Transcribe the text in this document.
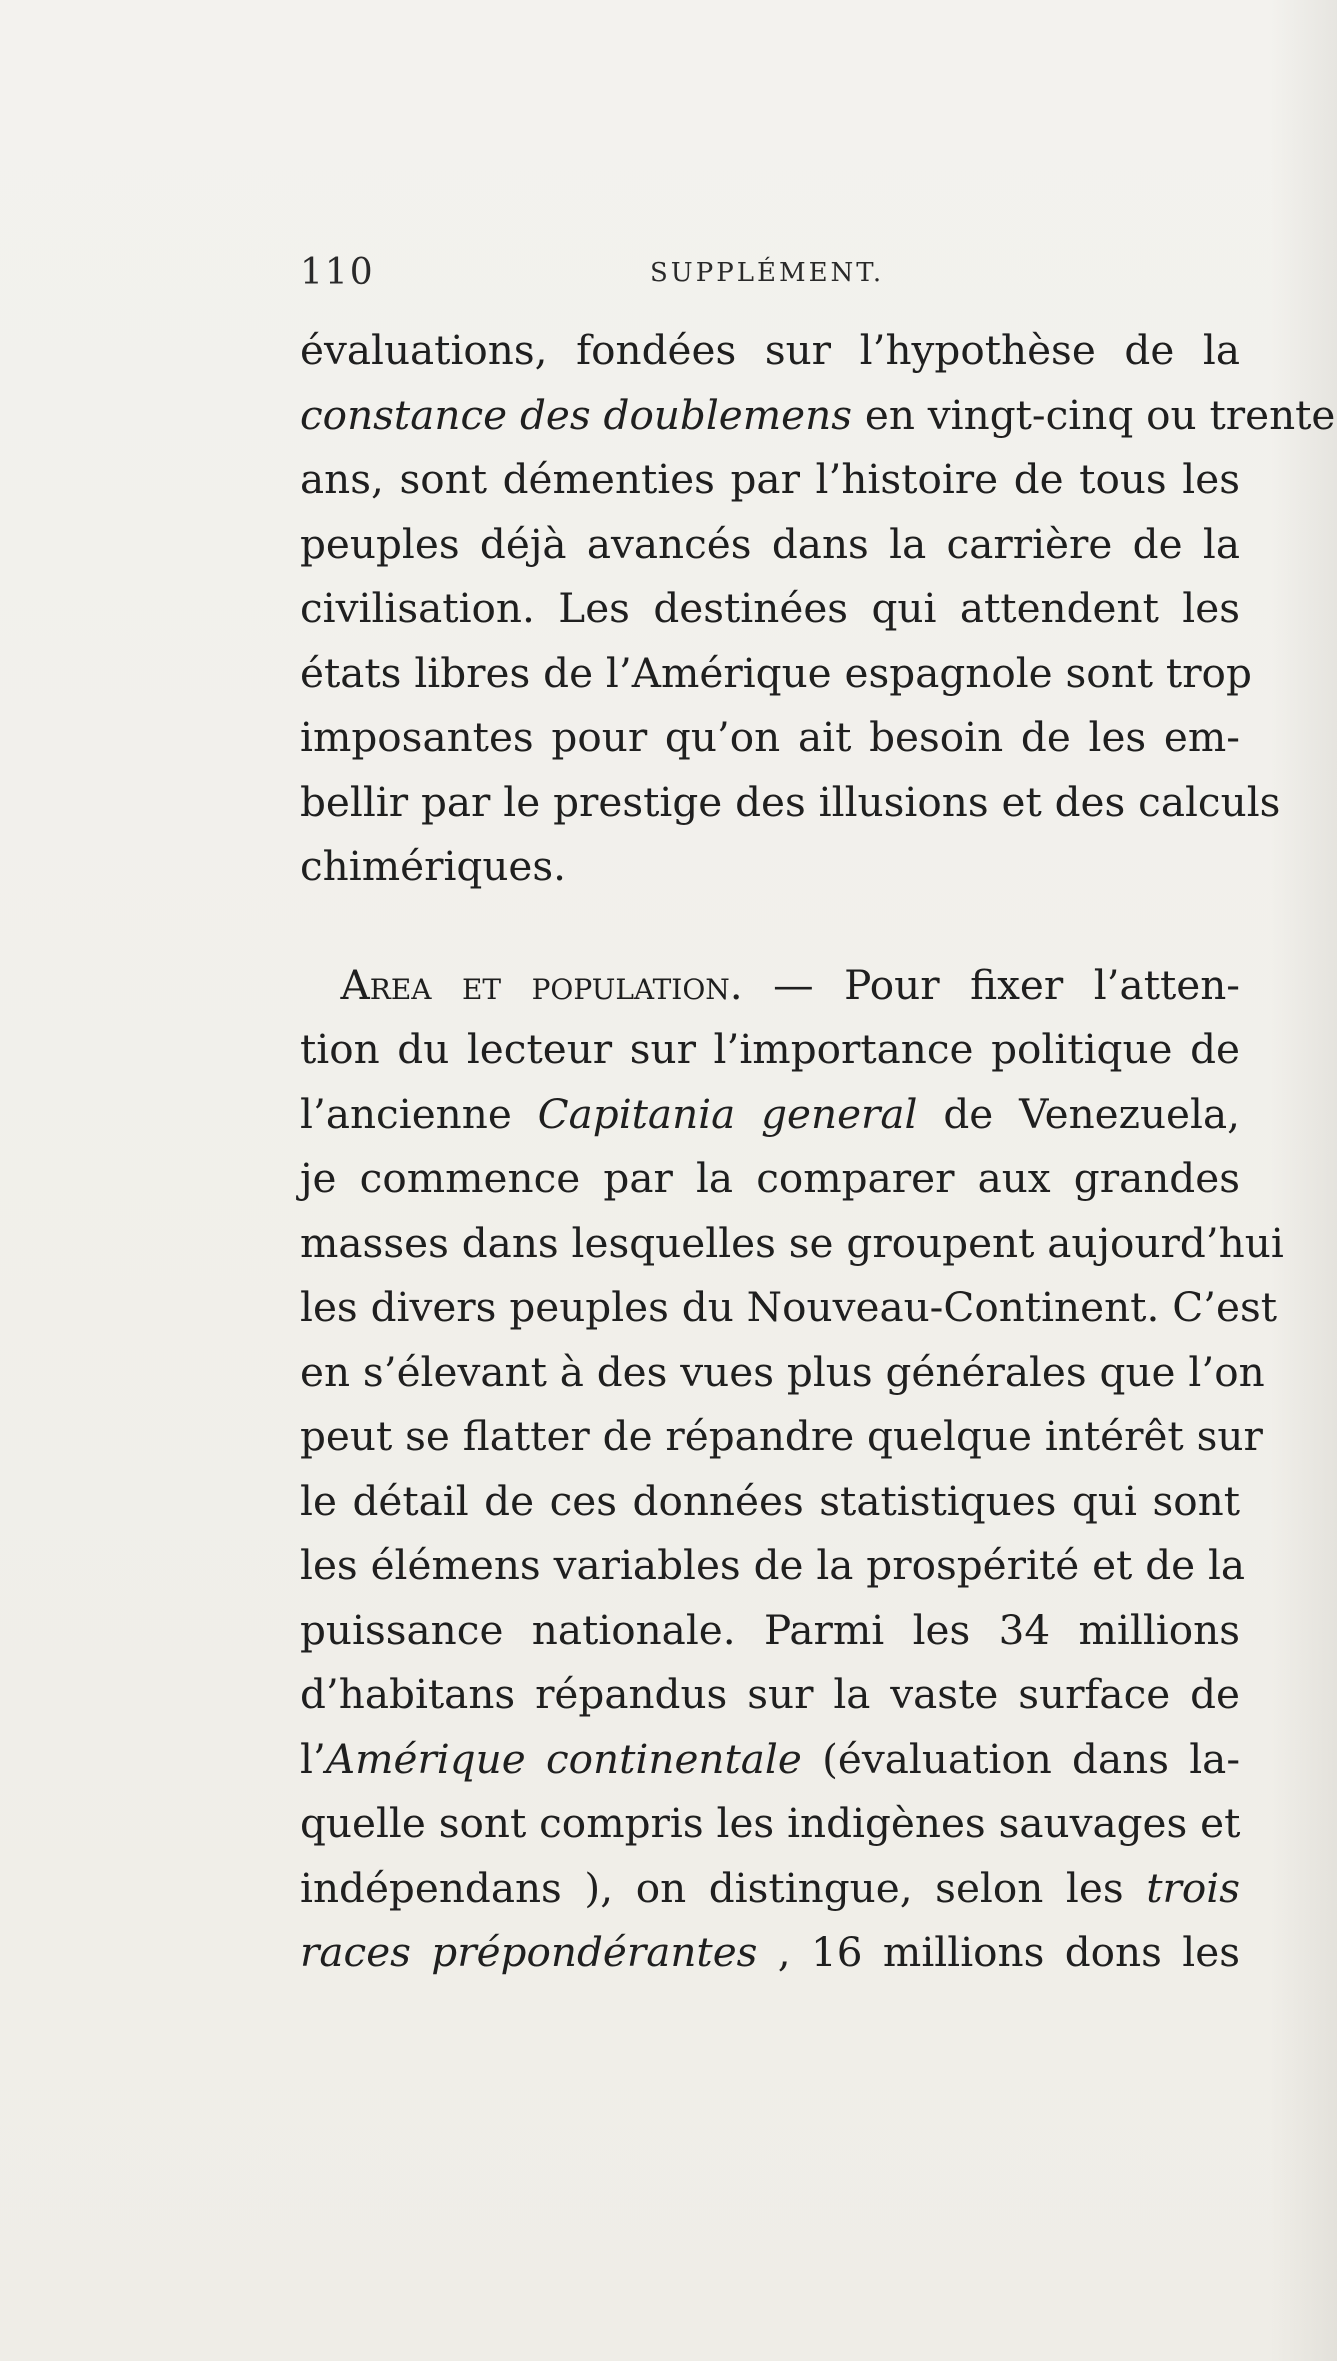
110	SUPPLÉMENT.
évaluations, fondées sur l’hypothèse de la
constance des doublemens en vingt-cinq ou trente
ans, sont démenties par l’histoire de tous les
peuples déjà avancés dans la carrière de la
civilisation. Les destinées qui attendent les
états libres de l’Amérique espagnole sont trop
imposantes pour qu’on ait besoin de les em-
bellir par le prestige des illusions et des calculs
chimériques.
 Area et population. — Pour fixer l’atten-
tion du lecteur sur l’importance politique de
l’ancienne Capitania general de Venezuela,
je commence par la comparer aux grandes
masses dans lesquelles se groupent aujourd’hui
les divers peuples du Nouveau-Continent. C’est
en s’élevant à des vues plus générales que l’on
peut se flatter de répandre quelque intérêt sur
le détail de ces données statistiques qui sont
les élémens variables de la prospérité et de la
puissance nationale. Parmi les 34 millions
d’habitans répandus sur la vaste surface de
l’Amérique continentale (évaluation dans la-
quelle sont compris les indigènes sauvages et
indépendans ), on distingue, selon les trois
races prépondérantes , 16 millions dons les
